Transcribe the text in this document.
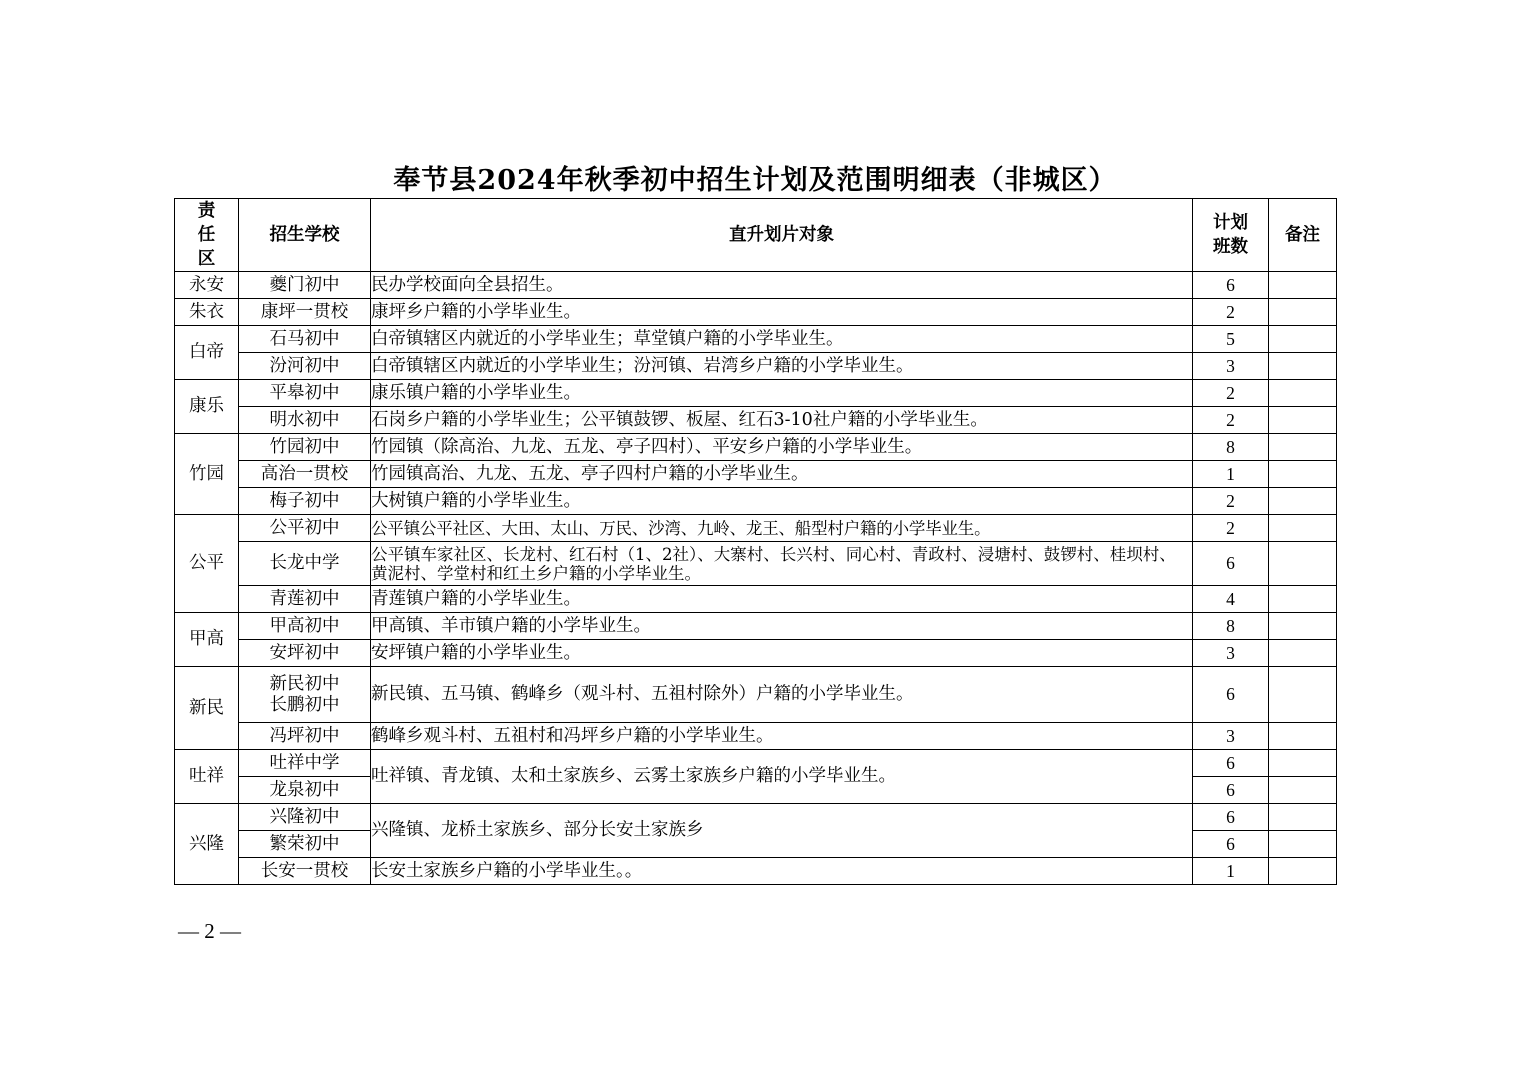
奉节县2024年秋季初中招生计划及范围明细表（非城区）
责任区	招生学校	直升划片对象	计划班数	备注
永安	夔门初中	民办学校面向全县招生。	6	
朱衣	康坪一贯校	康坪乡户籍的小学毕业生。	2	
白帝	石马初中	白帝镇辖区内就近的小学毕业生；草堂镇户籍的小学毕业生。	5	
	汾河初中	白帝镇辖区内就近的小学毕业生；汾河镇、岩湾乡户籍的小学毕业生。	3	
康乐	平皋初中	康乐镇户籍的小学毕业生。	2	
	明水初中	石岗乡户籍的小学毕业生；公平镇鼓锣、板屋、红石3-10社户籍的小学毕业生。	2	
竹园	竹园初中	竹园镇（除高治、九龙、五龙、亭子四村）、平安乡户籍的小学毕业生。	8	
	高治一贯校	竹园镇高治、九龙、五龙、亭子四村户籍的小学毕业生。	1	
	梅子初中	大树镇户籍的小学毕业生。	2	
公平	公平初中	公平镇公平社区、大田、太山、万民、沙湾、九岭、龙王、船型村户籍的小学毕业生。	2	
	长龙中学	公平镇车家社区、长龙村、红石村（1、2社）、大寨村、长兴村、同心村、青政村、浸塘村、鼓锣村、桂坝村、黄泥村、学堂村和红土乡户籍的小学毕业生。	6	
	青莲初中	青莲镇户籍的小学毕业生。	4	
甲高	甲高初中	甲高镇、羊市镇户籍的小学毕业生。	8	
	安坪初中	安坪镇户籍的小学毕业生。	3	
新民	新民初中 长鹏初中	新民镇、五马镇、鹤峰乡（观斗村、五祖村除外）户籍的小学毕业生。	6	
	冯坪初中	鹤峰乡观斗村、五祖村和冯坪乡户籍的小学毕业生。	3	
吐祥	吐祥中学	吐祥镇、青龙镇、太和土家族乡、云雾土家族乡户籍的小学毕业生。	6	
	龙泉初中		6	
兴隆	兴隆初中	兴隆镇、龙桥土家族乡、部分长安土家族乡	6	
	繁荣初中		6	
	长安一贯校	长安土家族乡户籍的小学毕业生。。	1	
— 2 —
